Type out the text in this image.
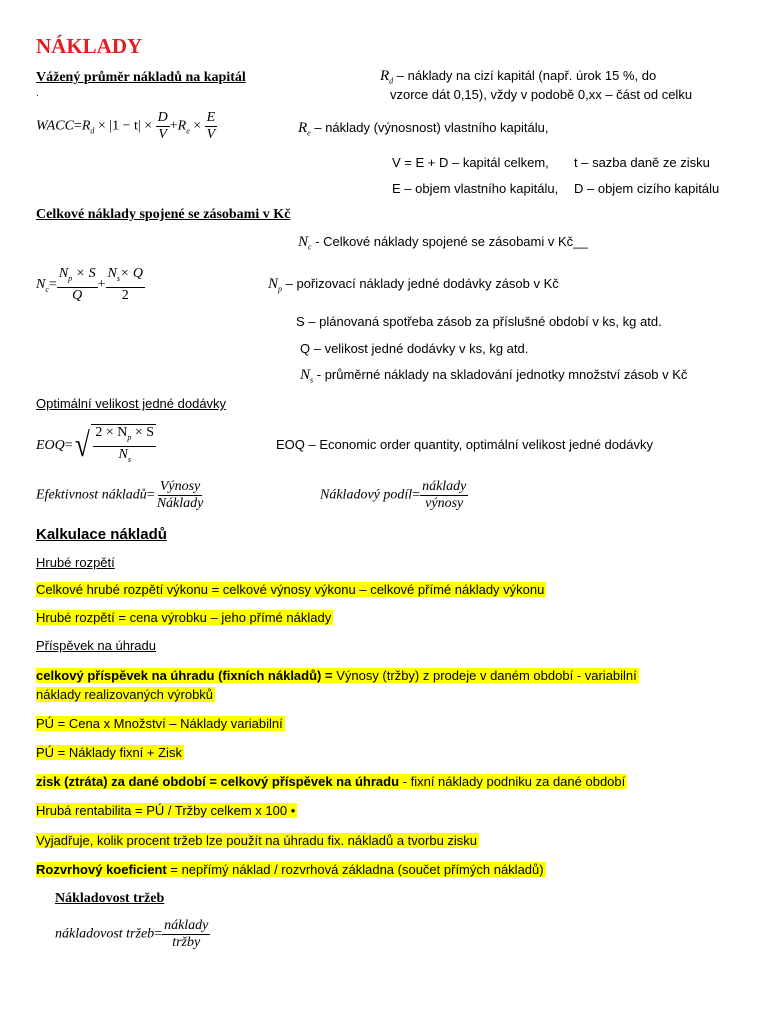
NÁKLADY
Vážený průměr nákladů na kapitál
.
$WACC=R_d \times |1 - t| \times \frac{D}{V} +R_e \times \frac{E}{V}$
$R_d$ – náklady na cizí kapitál (např. úrok 15 %, do
vzorce dát 0,15), vždy v podobě 0,xx – část od celku
$R_e$ – náklady (výnosnost) vlastního kapitálu,
V = E + D – kapitál celkem, t – sazba daně ze zisku
E – objem vlastního kapitálu, D – objem cizího kapitálu
Celkové náklady spojené se zásobami v Kč
$N_c$ - Celkové náklady spojené se zásobami v Kč__
$N_c= \frac{N_p \times S}{Q} + \frac{N_s\times Q}{2}$	$N_p$ – pořizovací náklady jedné dodávky zásob v Kč
S – plánovaná spotřeba zásob za příslušné období v ks, kg atd.
Q – velikost jedné dodávky v ks, kg atd.
$N_s$ - průměrné náklady na skladování jednotky množství zásob v Kč
Optimální velikost jedné dodávky
EOQ= √ $\frac{2 \times N_p \times S}{N_s}$	EOQ – Economic order quantity, optimální velikost jedné dodávky
Efektivnost nákladů= $\frac{\text{Výnosy}}{\text{Náklady}}$	Nákladový podíl= $\frac{\text{náklady}}{\text{výnosy}}$
Kalkulace nákladů
Hrubé rozpětí
Celkové hrubé rozpětí výkonu = celkové výnosy výkonu – celkové přímé náklady výkonu
Hrubé rozpětí = cena výrobku – jeho přímé náklady
Příspěvek na úhradu
celkový příspěvek na úhradu (fixních nákladů) = Výnosy (tržby) z prodeje v daném období - variabilní
náklady realizovaných výrobků
PÚ = Cena x Množství – Náklady variabilní
PÚ = Náklady fixní + Zisk
zisk (ztráta) za dané období = celkový příspěvek na úhradu - fixní náklady podniku za dané období
Hrubá rentabilita = PÚ / Tržby celkem x 100 •
Vyjadřuje, kolik procent tržeb lze použít na úhradu fix. nákladů a tvorbu zisku
Rozvrhový koeficient = nepřímý náklad / rozvrhová základna (součet přímých nákladů)
Nákladovost tržeb
nákladovost tržeb= $\frac{\text{náklady}}{\text{tržby}}$
